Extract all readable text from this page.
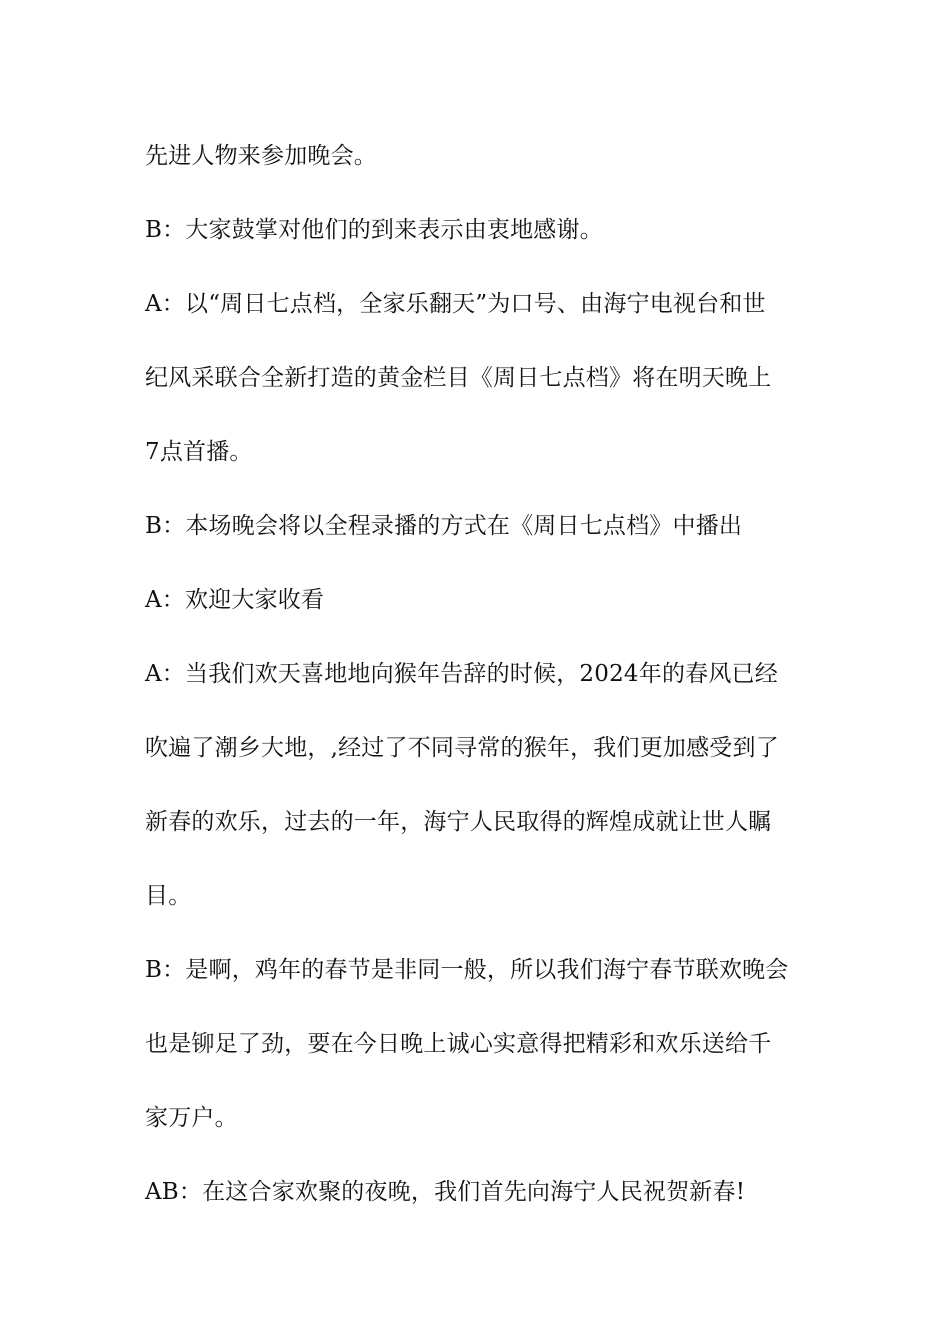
先进人物来参加晚会。
B：大家鼓掌对他们的到来表示由衷地感谢。
A：以“周日七点档，全家乐翻天”为口号、由海宁电视台和世
纪风采联合全新打造的黄金栏目《周日七点档》将在明天晚上
7点首播。
B：本场晚会将以全程录播的方式在《周日七点档》中播出
A：欢迎大家收看
A：当我们欢天喜地地向猴年告辞的时候，2024年的春风已经
吹遍了潮乡大地，,经过了不同寻常的猴年，我们更加感受到了
新春的欢乐，过去的一年，海宁人民取得的辉煌成就让世人瞩
目。
B：是啊，鸡年的春节是非同一般，所以我们海宁春节联欢晚会
也是铆足了劲，要在今日晚上诚心实意得把精彩和欢乐送给千
家万户。
AB：在这合家欢聚的夜晚，我们首先向海宁人民祝贺新春!
